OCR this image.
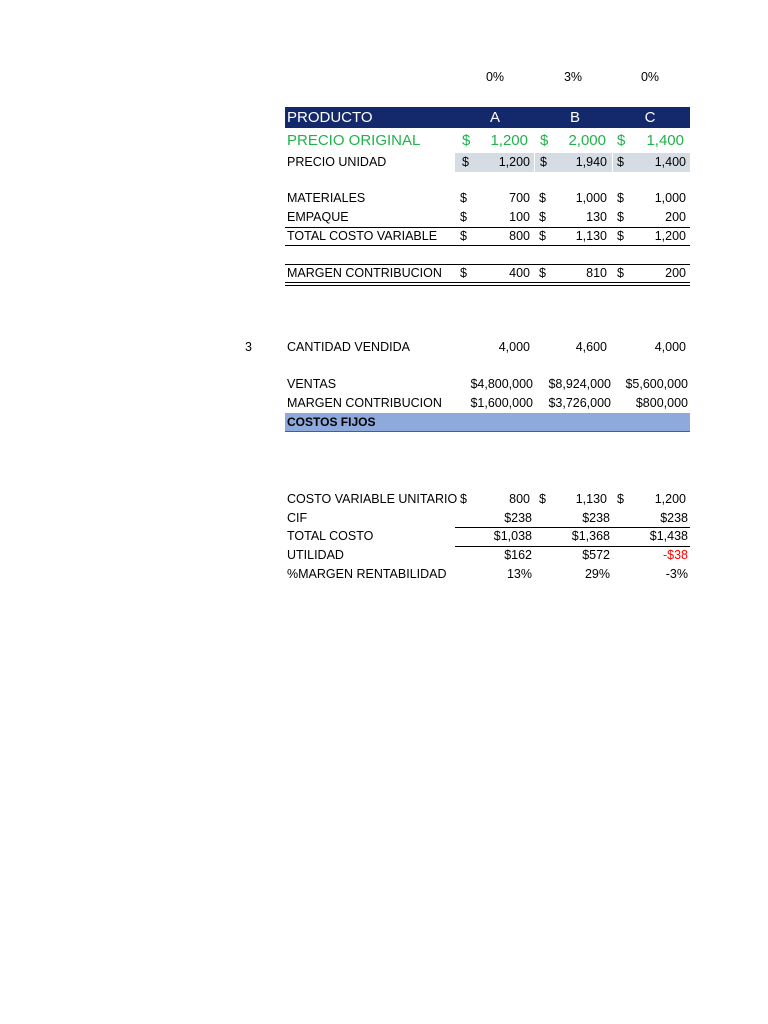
0%	3%	0%
PRODUCTO	A	B	C
PRECIO ORIGINAL	$	1,200 $	2,000 $	1,400
PRECIO UNIDAD	$	1,200 $	1,940 $	1,400
MATERIALES	$	700 $	1,000 $	1,000
EMPAQUE	$	100 $	130 $	200
TOTAL COSTO VARIABLE $	800 $	1,130 $	1,200
MARGEN CONTRIBUCION $	400 $	810 $	200
3	CANTIDAD VENDIDA	4,000	4,600	4,000
VENTAS	$4,800,000	$8,924,000	$5,600,000
MARGEN CONTRIBUCION	$1,600,000	$3,726,000	$800,000
COSTOS FIJOS
COSTO VARIABLE UNITARIO $	800 $	1,130 $	1,200
CIF	$238	$238	$238
TOTAL COSTO	$1,038	$1,368	$1,438
UTILIDAD	$162	$572	-$38
%MARGEN RENTABILIDAD	13%	29%	-3%
